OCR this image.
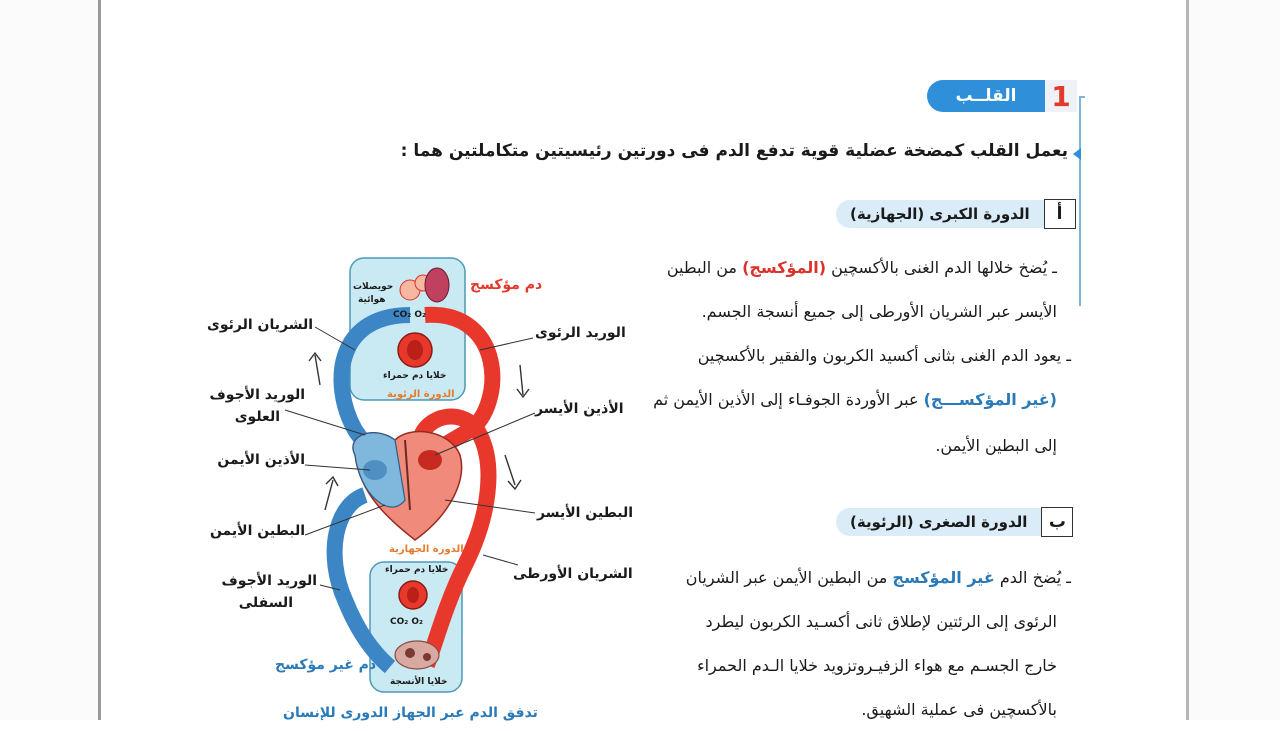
القلــب	1
يعمل القلب كمضخة عضلية قوية تدفع الدم فى دورتين رئيسيتين متكاملتين هما :
الدورة الكبرى (الجهازية)	أ
ـ يُضخ خلالها الدم الغنى بالأكسچين (المؤكسج) من البطين
الأيسر عبر الشريان الأورطى إلى جميع أنسجة الجسم.
ـ يعود الدم الغنى بثانى أكسيد الكربون والفقير بالأكسچين
(غير المؤكســـج) عبر الأوردة الجوفـاء إلى الأذين الأيمن ثم
إلى البطين الأيمن.
الدورة الصغرى (الرئوية)	ب
ـ يُضخ الدم غير المؤكسج من البطين الأيمن عبر الشريان
الرئوى إلى الرئتين لإطلاق ثانى أكسـيد الكربون ليطرد
خارج الجسـم مع هواء الزفيـروتزويد خلايا الـدم الحمراء
بالأكسچين فى عملية الشهيق.
الشريان الرئوى	الوريد الرئوى
الوريد الأجوف
العلوى	الأذين الأيسر
الأذين الأيمن
البطين الأيسر
البطين الأيمن
الشريان الأورطى
الوريد الأجوف
السفلى
دم مؤكسج
دم غير مؤكسج
حويصلات
هوائية
CO₂ O₂
خلايا دم حمراء
الدورة الرئوية
الدورة الجهازية
خلايا دم حمراء
CO₂ O₂
خلايا الأنسجة
تدفق الدم عبر الجهاز الدورى للإنسان
